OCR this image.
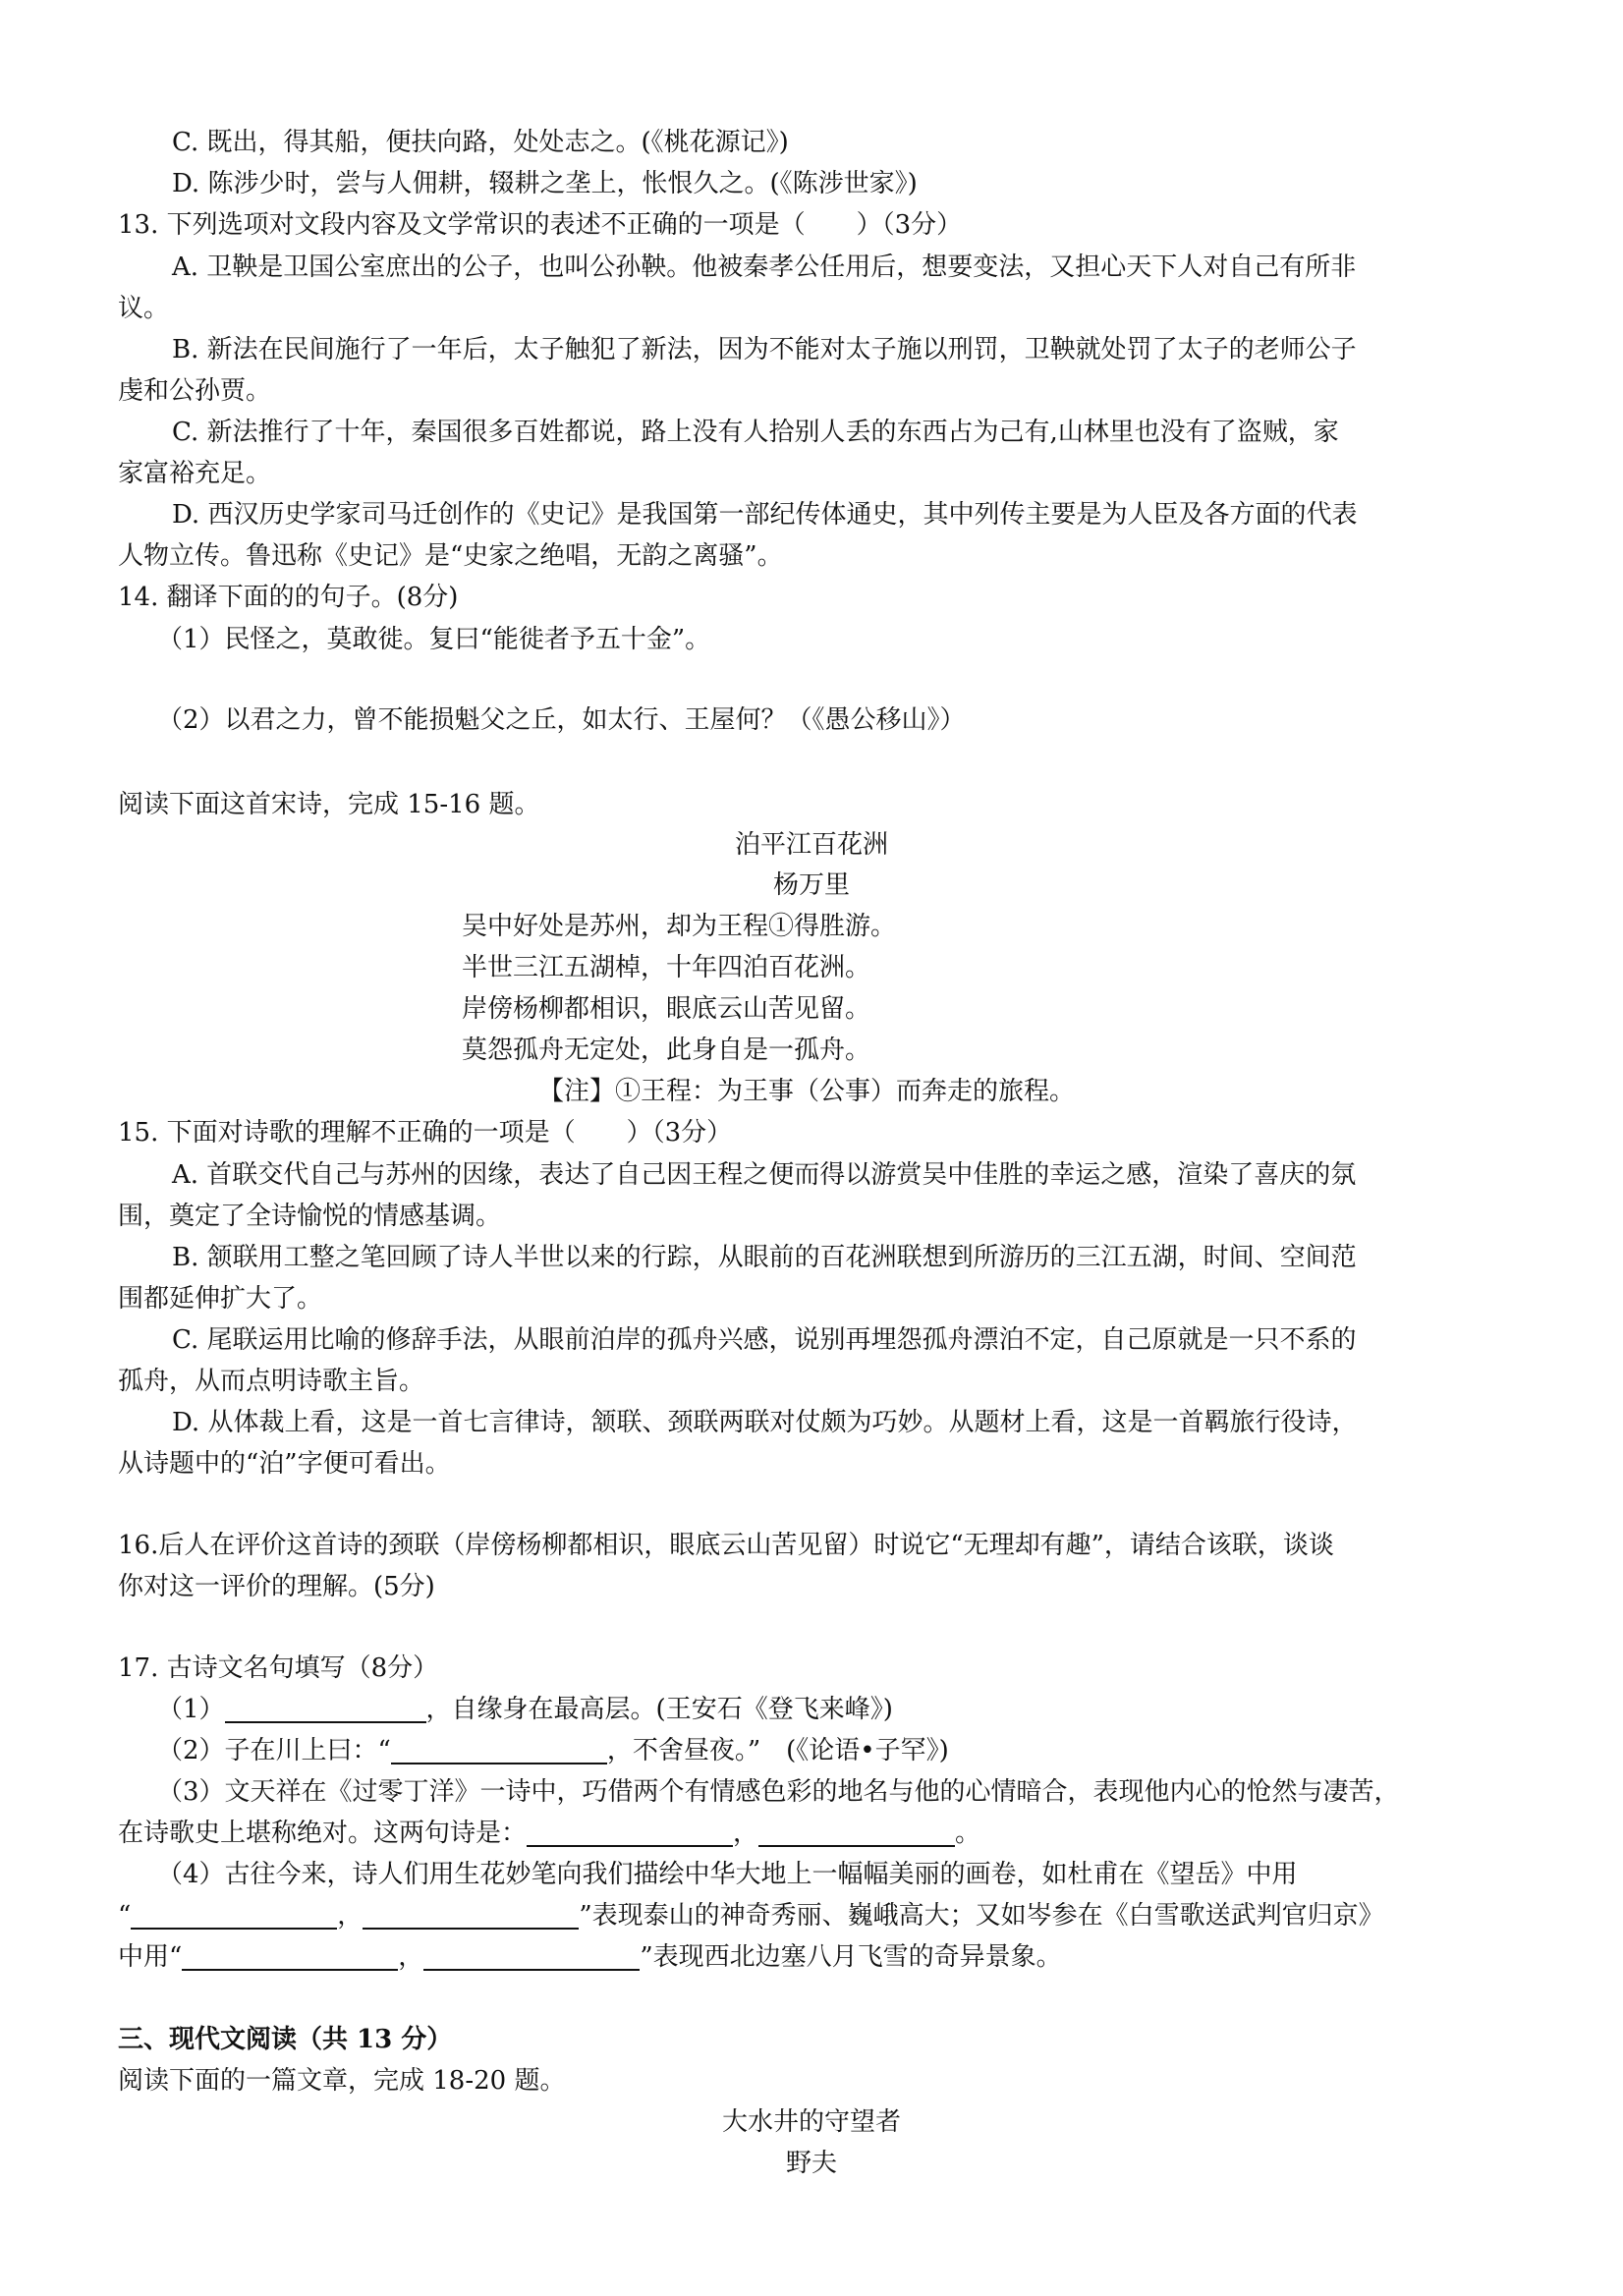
C. 既出，得其船，便扶向路，处处志之。(《桃花源记》)
D. 陈涉少时，尝与人佣耕，辍耕之垄上，怅恨久之。(《陈涉世家》)
13. 下列选项对文段内容及文学常识的表述不正确的一项是（　　）（3分）
A. 卫鞅是卫国公室庶出的公子，也叫公孙鞅。他被秦孝公任用后，想要变法，又担心天下人对自己有所非
议。
B. 新法在民间施行了一年后，太子触犯了新法，因为不能对太子施以刑罚，卫鞅就处罚了太子的老师公子
虔和公孙贾。
C. 新法推行了十年，秦国很多百姓都说，路上没有人拾别人丢的东西占为己有,山林里也没有了盗贼，家
家富裕充足。
D. 西汉历史学家司马迁创作的《史记》是我国第一部纪传体通史，其中列传主要是为人臣及各方面的代表
人物立传。鲁迅称《史记》是“史家之绝唱，无韵之离骚”。
14. 翻译下面的的句子。(8分)
（1）民怪之，莫敢徙。复曰“能徙者予五十金”。
（2）以君之力，曾不能损魁父之丘，如太行、王屋何？（《愚公移山》）
阅读下面这首宋诗，完成 15-16 题。
泊平江百花洲
杨万里
吴中好处是苏州，却为王程①得胜游。
半世三江五湖棹，十年四泊百花洲。
岸傍杨柳都相识，眼底云山苦见留。
莫怨孤舟无定处，此身自是一孤舟。
【注】①王程：为王事（公事）而奔走的旅程。
15. 下面对诗歌的理解不正确的一项是（　　）（3分）
A. 首联交代自己与苏州的因缘，表达了自己因王程之便而得以游赏吴中佳胜的幸运之感，渲染了喜庆的氛
围，奠定了全诗愉悦的情感基调。
B. 颔联用工整之笔回顾了诗人半世以来的行踪，从眼前的百花洲联想到所游历的三江五湖，时间、空间范
围都延伸扩大了。
C. 尾联运用比喻的修辞手法，从眼前泊岸的孤舟兴感，说别再埋怨孤舟漂泊不定，自己原就是一只不系的
孤舟，从而点明诗歌主旨。
D. 从体裁上看，这是一首七言律诗，颔联、颈联两联对仗颇为巧妙。从题材上看，这是一首羁旅行役诗，
从诗题中的“泊”字便可看出。
16.后人在评价这首诗的颈联（岸傍杨柳都相识，眼底云山苦见留）时说它“无理却有趣”，请结合该联，谈谈
你对这一评价的理解。(5分)
17. 古诗文名句填写（8分）
（1）	，自缘身在最高层。(王安石《登飞来峰》)
（2）子在川上曰：“	，不舍昼夜。”　(《论语•子罕》)
（3）文天祥在《过零丁洋》一诗中，巧借两个有情感色彩的地名与他的心情暗合，表现他内心的怆然与凄苦，
在诗歌史上堪称绝对。这两句诗是：	，	。
（4）古往今来，诗人们用生花妙笔向我们描绘中华大地上一幅幅美丽的画卷，如杜甫在《望岳》中用
“	，	”表现泰山的神奇秀丽、巍峨高大；又如岑参在《白雪歌送武判官归京》
中用“	，	”表现西北边塞八月飞雪的奇异景象。
三、现代文阅读（共 13 分）
阅读下面的一篇文章，完成 18-20 题。
大水井的守望者
野夫
